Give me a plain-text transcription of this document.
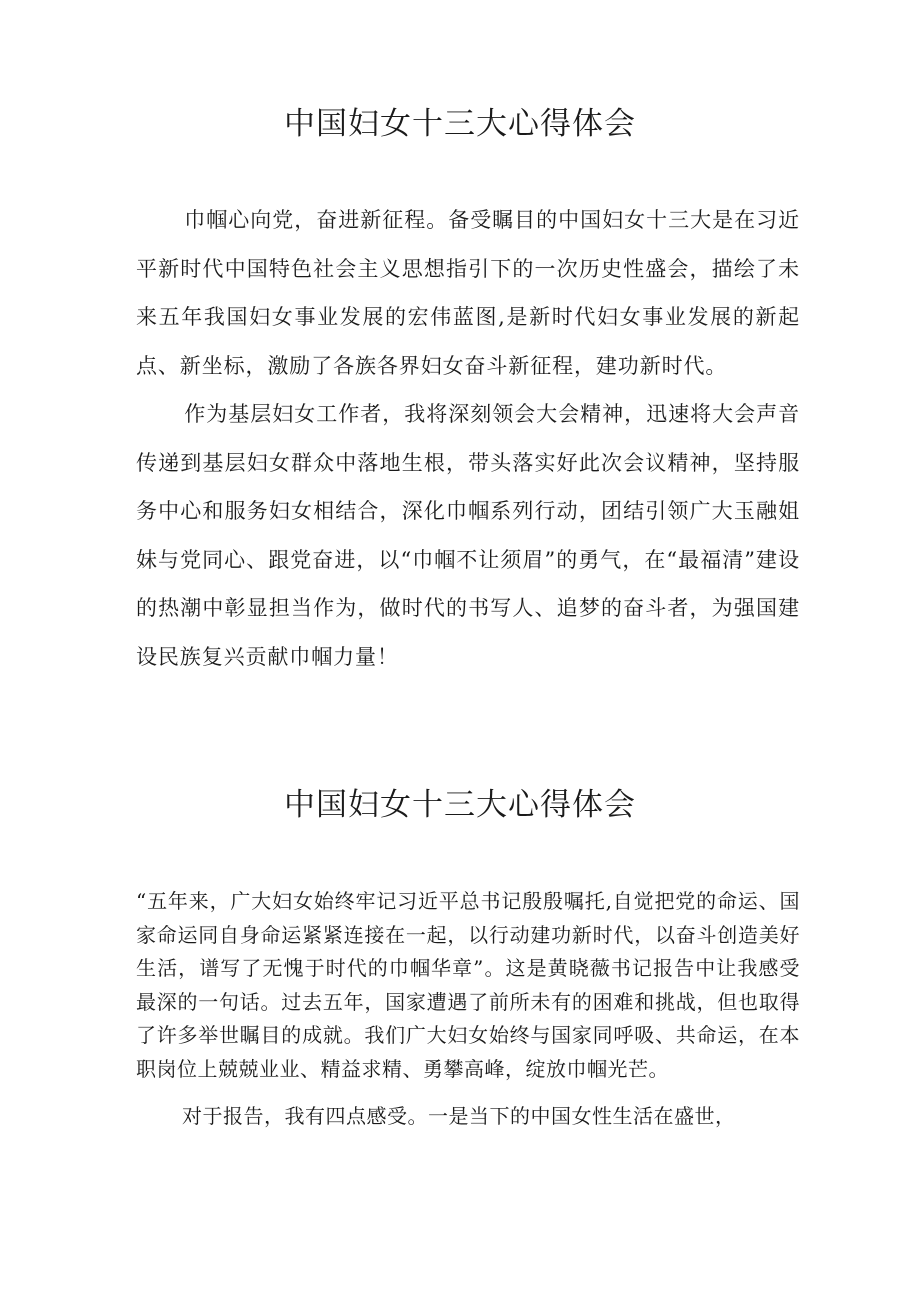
中国妇女十三大心得体会

巾帼心向党，奋进新征程。备受瞩目的中国妇女十三大是在习近平新时代中国特色社会主义思想指引下的一次历史性盛会，描绘了未来五年我国妇女事业发展的宏伟蓝图,是新时代妇女事业发展的新起点、新坐标，激励了各族各界妇女奋斗新征程，建功新时代。

作为基层妇女工作者，我将深刻领会大会精神，迅速将大会声音传递到基层妇女群众中落地生根，带头落实好此次会议精神，坚持服务中心和服务妇女相结合，深化巾帼系列行动，团结引领广大玉融姐妹与党同心、跟党奋进，以“巾帼不让须眉”的勇气，在“最福清”建设的热潮中彰显担当作为，做时代的书写人、追梦的奋斗者，为强国建设民族复兴贡献巾帼力量！

中国妇女十三大心得体会

“五年来，广大妇女始终牢记习近平总书记殷殷嘱托,自觉把党的命运、国家命运同自身命运紧紧连接在一起，以行动建功新时代，以奋斗创造美好生活，谱写了无愧于时代的巾帼华章”。这是黄晓薇书记报告中让我感受最深的一句话。过去五年，国家遭遇了前所未有的困难和挑战，但也取得了许多举世瞩目的成就。我们广大妇女始终与国家同呼吸、共命运，在本职岗位上兢兢业业、精益求精、勇攀高峰，绽放巾帼光芒。

对于报告，我有四点感受。一是当下的中国女性生活在盛世，
